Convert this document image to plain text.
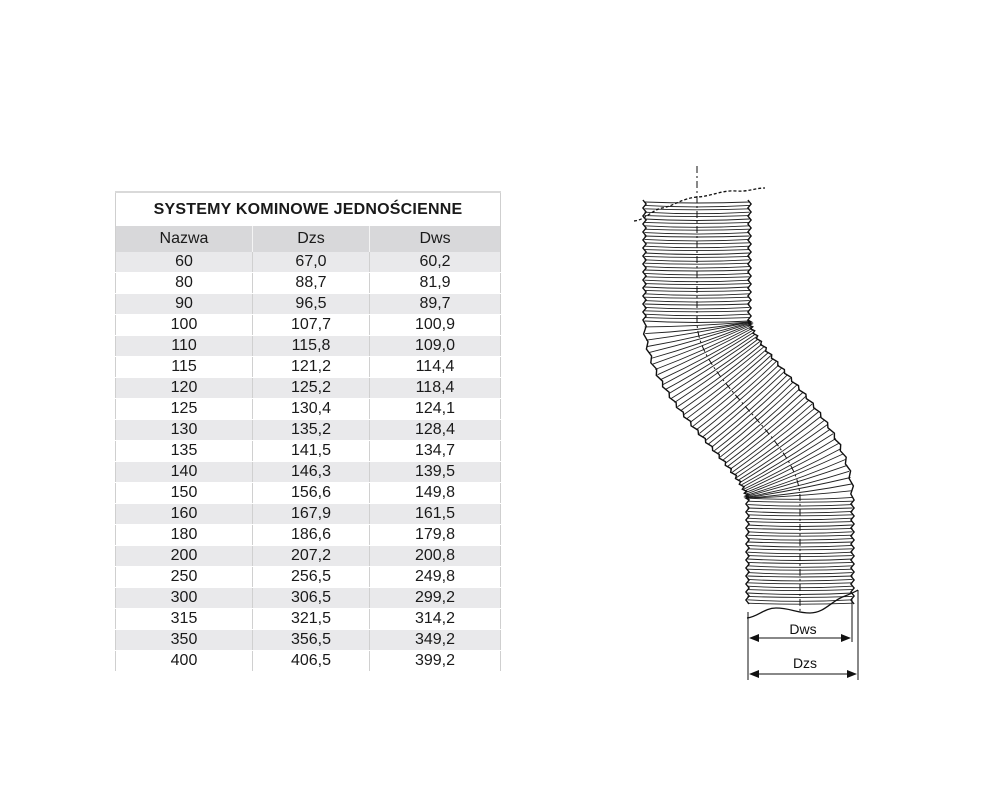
SYSTEMY KOMINOWE JEDNOŚCIENNE		
Nazwa	Dzs	Dws
60	67,0	60,2
80	88,7	81,9
90	96,5	89,7
100	107,7	100,9
110	115,8	109,0
115	121,2	114,4
120	125,2	118,4
125	130,4	124,1
130	135,2	128,4
135	141,5	134,7
140	146,3	139,5
150	156,6	149,8
160	167,9	161,5
180	186,6	179,8
200	207,2	200,8
250	256,5	249,8
300	306,5	299,2
315	321,5	314,2
350	356,5	349,2
400	406,5	399,2
Dws
Dzs
